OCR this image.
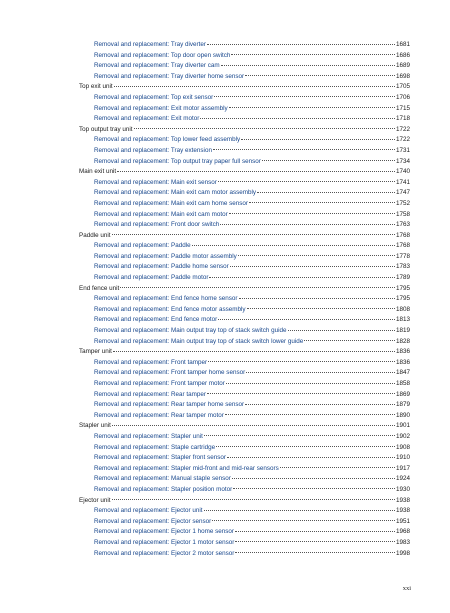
Removal and replacement: Tray diverter	1681
Removal and replacement: Top door open switch	1686
Removal and replacement: Tray diverter cam	1689
Removal and replacement: Tray diverter home sensor	1698
Top exit unit	1705
Removal and replacement: Top exit sensor	1706
Removal and replacement: Exit motor assembly	1715
Removal and replacement: Exit motor	1718
Top output tray unit	1722
Removal and replacement: Top lower feed assembly	1722
Removal and replacement: Tray extension	1731
Removal and replacement: Top output tray paper full sensor	1734
Main exit unit	1740
Removal and replacement: Main exit sensor	1741
Removal and replacement: Main exit cam motor assembly	1747
Removal and replacement: Main exit cam home sensor	1752
Removal and replacement: Main exit cam motor	1758
Removal and replacement: Front door switch	1763
Paddle unit	1768
Removal and replacement: Paddle	1768
Removal and replacement: Paddle motor assembly	1778
Removal and replacement: Paddle home sensor	1783
Removal and replacement: Paddle motor	1789
End fence unit	1795
Removal and replacement: End fence home sensor	1795
Removal and replacement: End fence motor assembly	1808
Removal and replacement: End fence motor	1813
Removal and replacement: Main output tray top of stack switch guide	1819
Removal and replacement: Main output tray top of stack switch lower guide	1828
Tamper unit	1836
Removal and replacement: Front tamper	1836
Removal and replacement: Front tamper home sensor	1847
Removal and replacement: Front tamper motor	1858
Removal and replacement: Rear tamper	1869
Removal and replacement: Rear tamper home sensor	1879
Removal and replacement: Rear tamper motor	1890
Stapler unit	1901
Removal and replacement: Stapler unit	1902
Removal and replacement: Staple cartridge	1908
Removal and replacement: Stapler front sensor	1910
Removal and replacement: Stapler mid-front and mid-rear sensors	1917
Removal and replacement: Manual staple sensor	1924
Removal and replacement: Stapler position motor	1930
Ejector unit	1938
Removal and replacement: Ejector unit	1938
Removal and replacement: Ejector sensor	1951
Removal and replacement: Ejector 1 home sensor	1968
Removal and replacement: Ejector 1 motor sensor	1983
Removal and replacement: Ejector 2 motor sensor	1998
xxi
